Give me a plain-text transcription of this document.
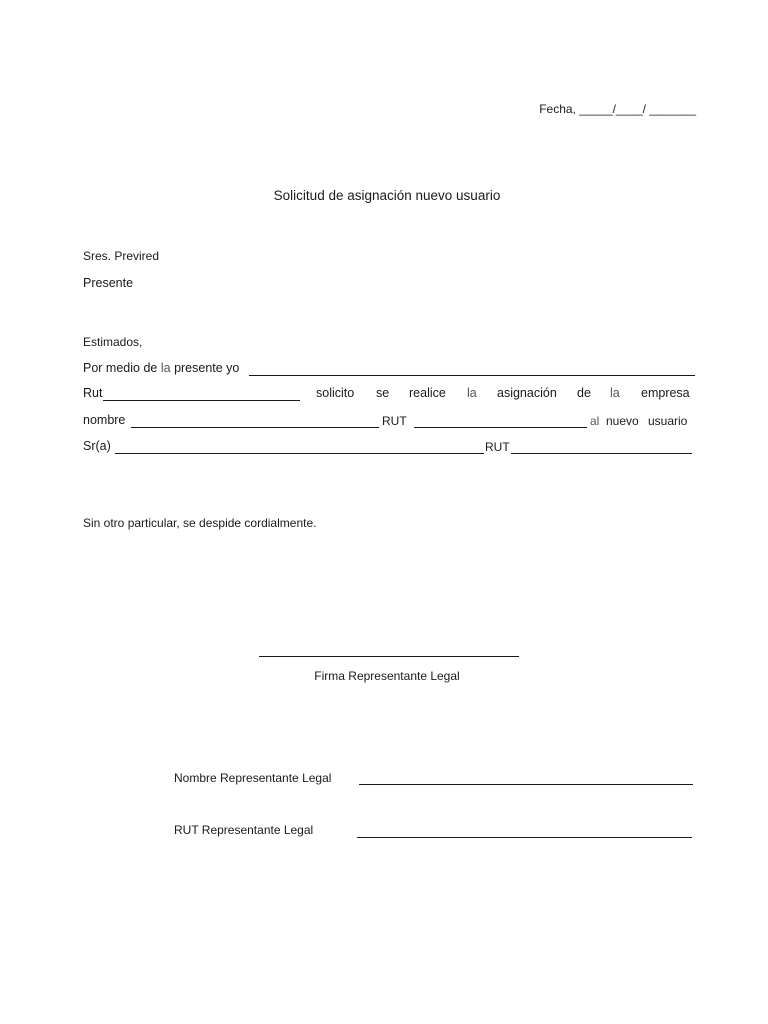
Fecha, _____/____/ _______
Solicitud de asignación nuevo usuario
Sres. Previred
Presente
Estimados,
Por medio de la presente yo
Rut	solicito se realice la asignación de la empresa
nombre	RUT	al nuevo usuario
Sr(a)	RUT
Sin otro particular, se despide cordialmente.
Firma Representante Legal
Nombre Representante Legal
RUT Representante Legal
